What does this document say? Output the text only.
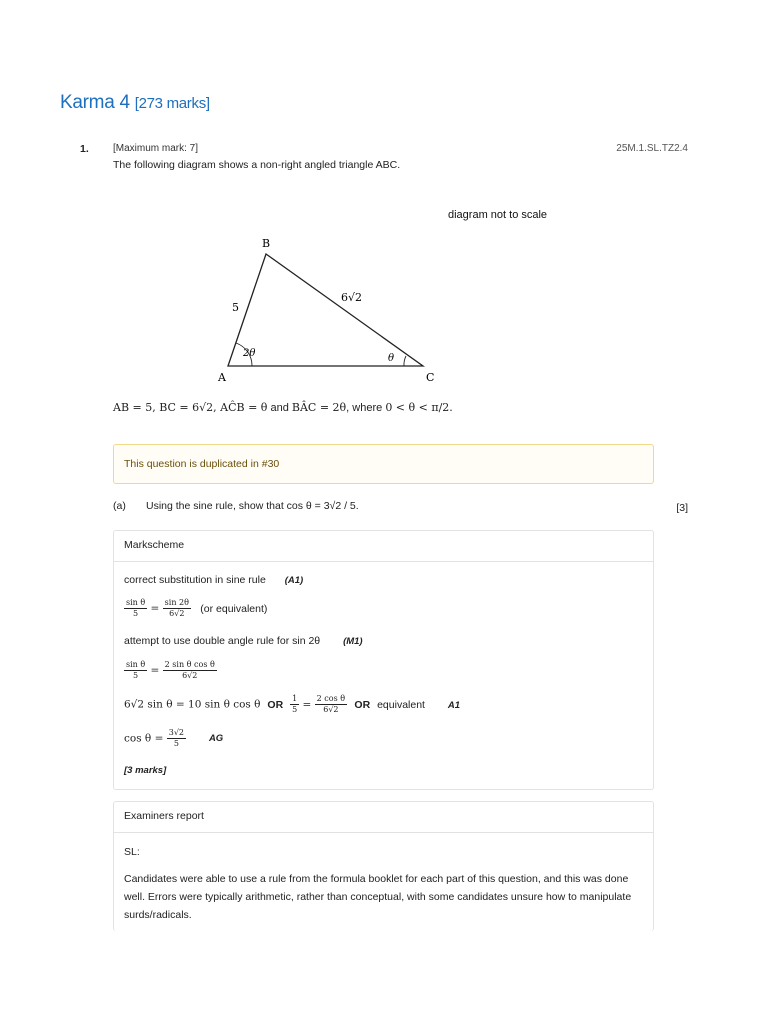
Karma 4 [273 marks]
1. [Maximum mark: 7]	25M.1.SL.TZ2.4
The following diagram shows a non-right angled triangle ABC.
diagram not to scale
B
A	C
5
6√2
2θ	θ
AB = 5, BC = 6√2, AĈB = θ and BÂC = 2θ, where 0 < θ < π/2.
This question is duplicated in #30
(a) Using the sine rule, show that cos θ = 3√2 / 5.	[3]
Markscheme
correct substitution in sine rule (A1)
$\frac{\text{sin θ}}{5} = \frac{\sin 2\theta}{6√2} (or$ equivalent)
attempt to use double angle rule for sin 2θ (M1)
$\frac{\text{sin θ}}{5} = \frac{\text{2 sin θ cos θ}}{6√2}$
6√2 sin θ = 10 sin θ cos θ OR $\frac{1}{5} = \frac{\text{2 cos θ}}{6√2}$ OR equivalent A1
$\cos \theta = \frac{3√2}{5}$ AG
[3 marks]
Examiners report
SL:
Candidates were able to use a rule from the formula booklet for each part of this question, and this was done well. Errors were typically arithmetic, rather than conceptual, with some candidates unsure how to manipulate surds/radicals.
